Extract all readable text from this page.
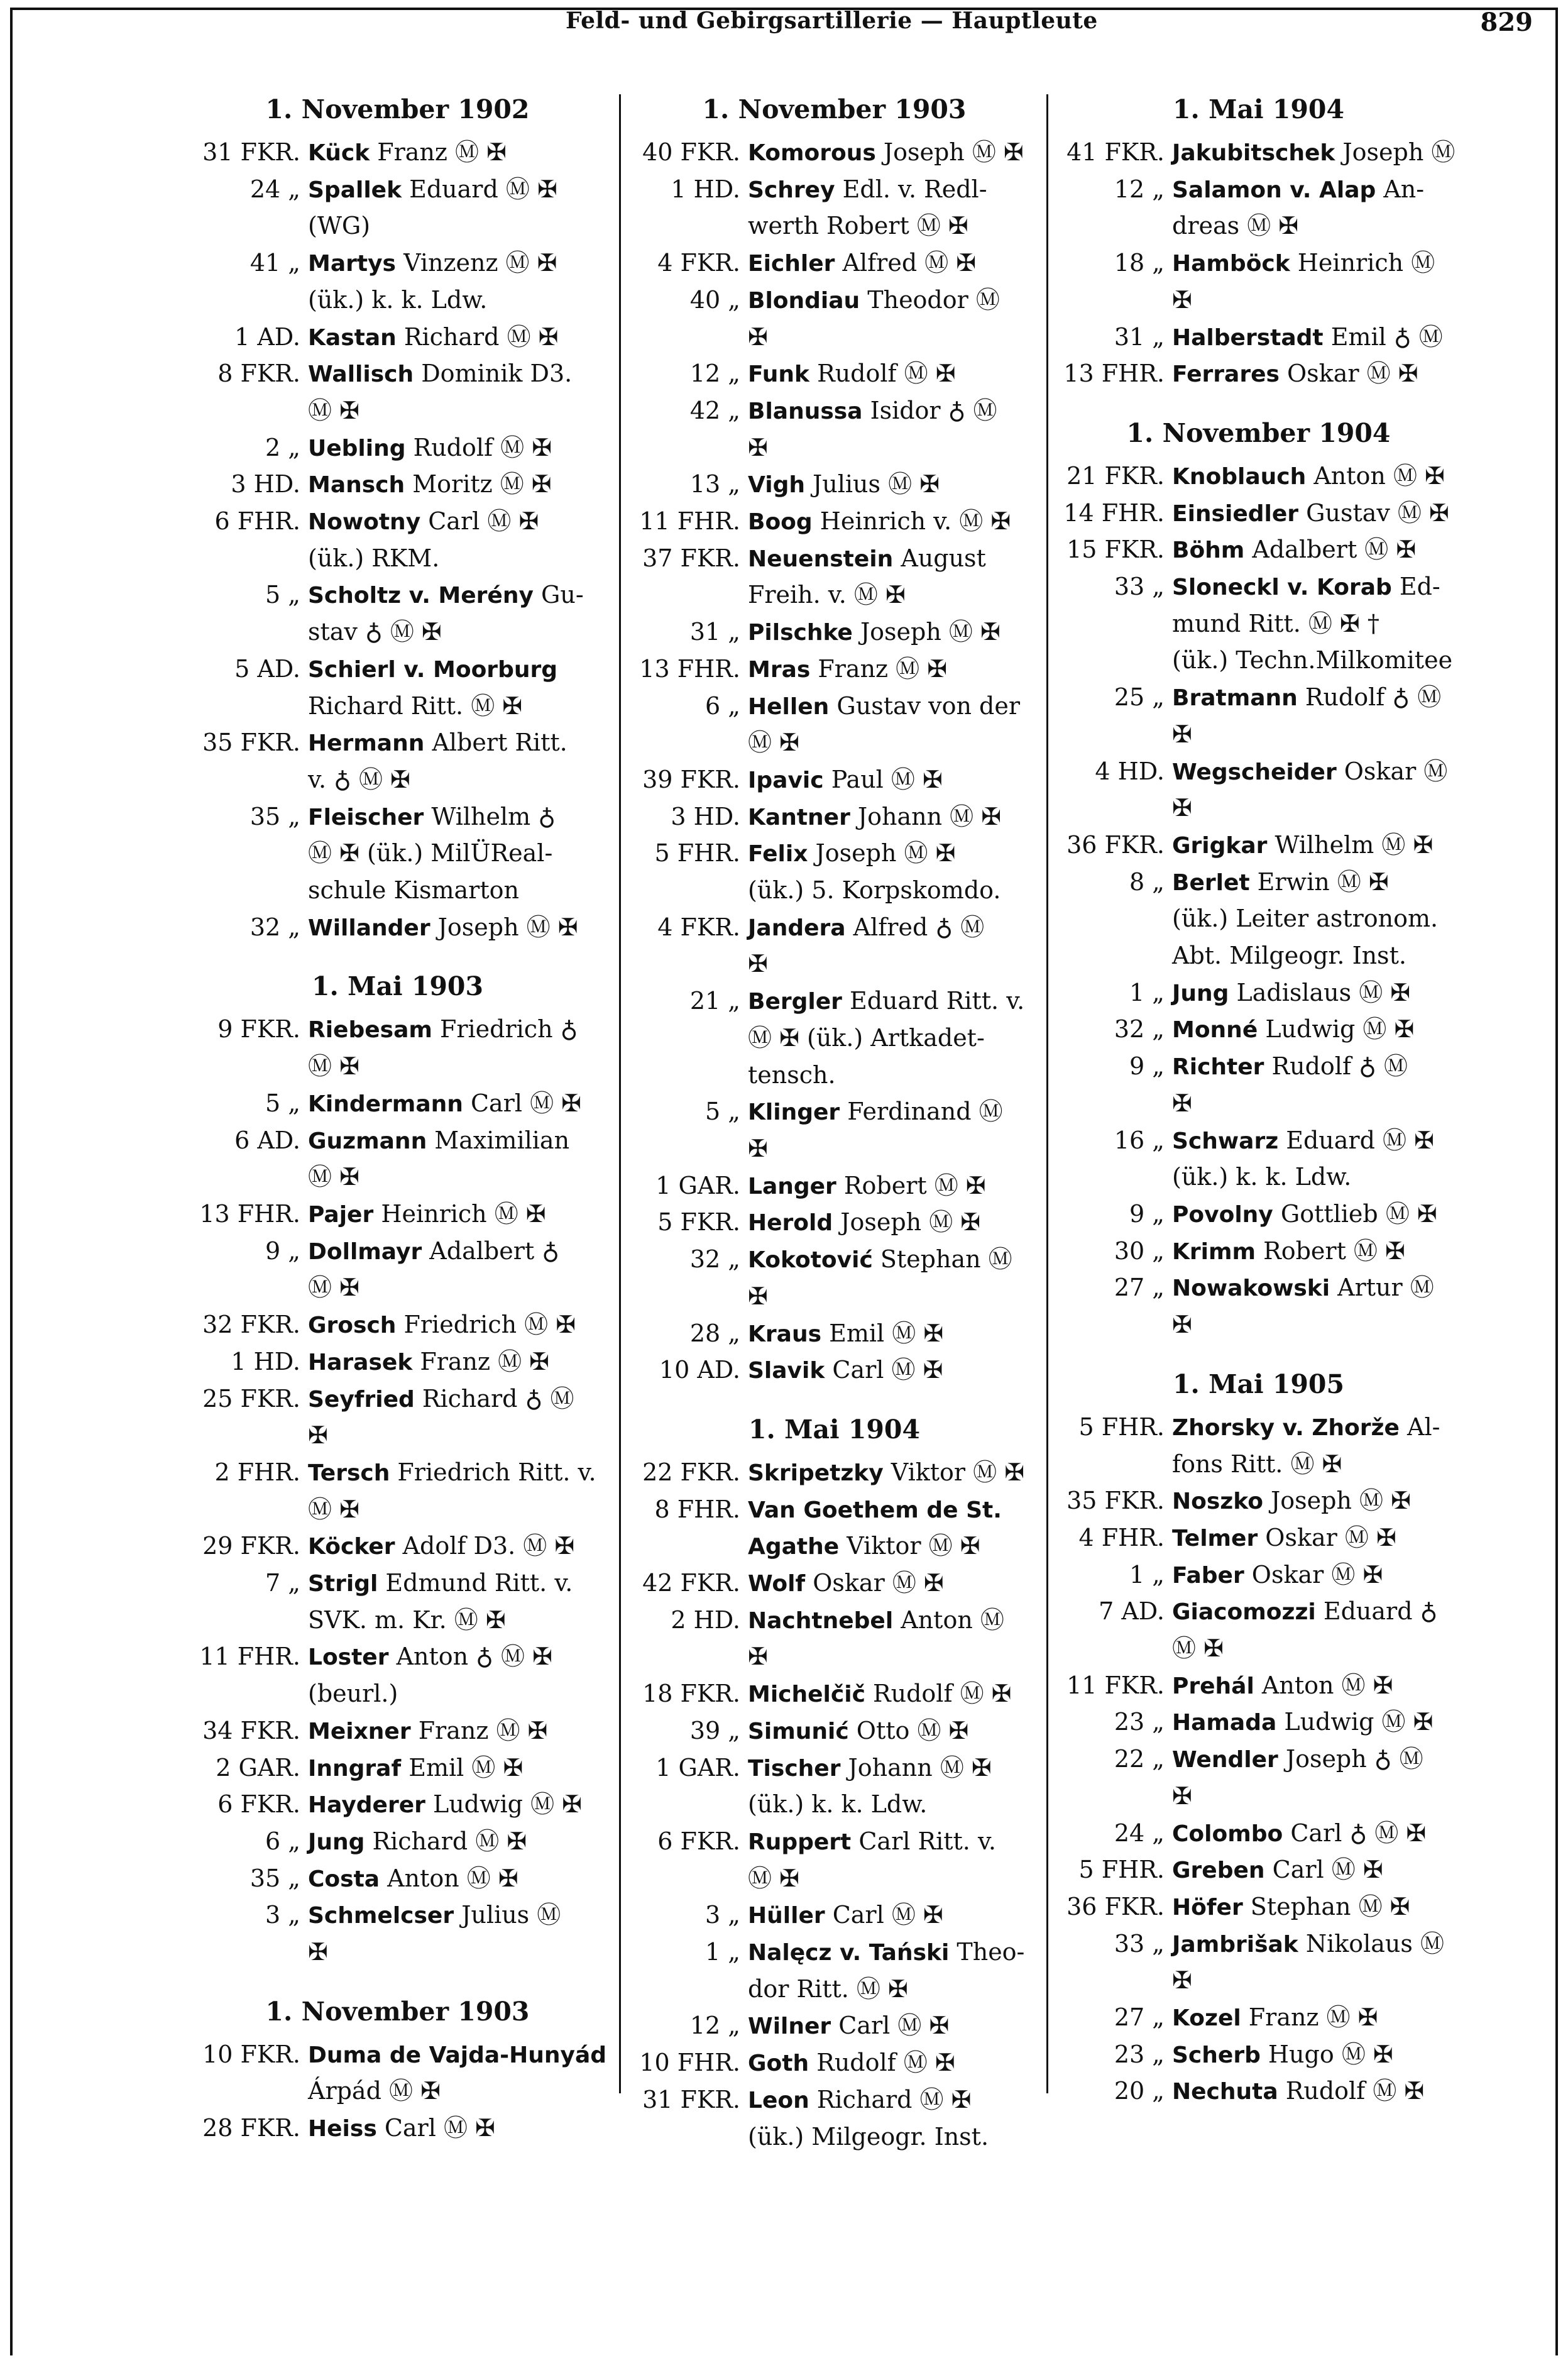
Feld- und Gebirgsartillerie — Hauptleute	829
1. November 1902
31 FKR. Kück Franz Ⓜ ✠
24 „ Spallek Eduard Ⓜ ✠
(WG)
41 „ Martys Vinzenz Ⓜ ✠
(ük.) k. k. Ldw.
1 AD. Kastan Richard Ⓜ ✠
8 FKR. Wallisch Dominik D3.
Ⓜ ✠
2 „ Uebling Rudolf Ⓜ ✠
3 HD. Mansch Moritz Ⓜ ✠
6 FHR. Nowotny Carl Ⓜ ✠
(ük.) RKM.
5 „ Scholtz v. Merény Gu-
stav ♁ Ⓜ ✠
5 AD. Schierl v. Moorburg
Richard Ritt. Ⓜ ✠
35 FKR. Hermann Albert Ritt.
v. ♁ Ⓜ ✠
35 „ Fleischer Wilhelm ♁
Ⓜ ✠ (ük.) MilÜReal-
schule Kismarton
32 „ Willander Joseph Ⓜ ✠
1. Mai 1903
9 FKR. Riebesam Friedrich ♁
Ⓜ ✠
5 „ Kindermann Carl Ⓜ ✠
6 AD. Guzmann Maximilian
Ⓜ ✠
13 FHR. Pajer Heinrich Ⓜ ✠
9 „ Dollmayr Adalbert ♁
Ⓜ ✠
32 FKR. Grosch Friedrich Ⓜ ✠
1 HD. Harasek Franz Ⓜ ✠
25 FKR. Seyfried Richard ♁ Ⓜ
✠
2 FHR. Tersch Friedrich Ritt. v.
Ⓜ ✠
29 FKR. Köcker Adolf D3. Ⓜ ✠
7 „ Strigl Edmund Ritt. v.
SVK. m. Kr. Ⓜ ✠
11 FHR. Loster Anton ♁ Ⓜ ✠
(beurl.)
34 FKR. Meixner Franz Ⓜ ✠
2 GAR. Inngraf Emil Ⓜ ✠
6 FKR. Hayderer Ludwig Ⓜ ✠
6 „ Jung Richard Ⓜ ✠
35 „ Costa Anton Ⓜ ✠
3 „ Schmelcser Julius Ⓜ
✠
1. November 1903
10 FKR. Duma de Vajda-Hunyád
Árpád Ⓜ ✠
28 FKR. Heiss Carl Ⓜ ✠
1. November 1903
40 FKR. Komorous Joseph Ⓜ ✠
1 HD. Schrey Edl. v. Redl-
werth Robert Ⓜ ✠
4 FKR. Eichler Alfred Ⓜ ✠
40 „ Blondiau Theodor Ⓜ
✠
12 „ Funk Rudolf Ⓜ ✠
42 „ Blanussa Isidor ♁ Ⓜ
✠
13 „ Vigh Julius Ⓜ ✠
11 FHR. Boog Heinrich v. Ⓜ ✠
37 FKR. Neuenstein August
Freih. v. Ⓜ ✠
31 „ Pilschke Joseph Ⓜ ✠
13 FHR. Mras Franz Ⓜ ✠
6 „ Hellen Gustav von der
Ⓜ ✠
39 FKR. Ipavic Paul Ⓜ ✠
3 HD. Kantner Johann Ⓜ ✠
5 FHR. Felix Joseph Ⓜ ✠
(ük.) 5. Korpskomdo.
4 FKR. Jandera Alfred ♁ Ⓜ
✠
21 „ Bergler Eduard Ritt. v.
Ⓜ ✠ (ük.) Artkadet-
tensch.
5 „ Klinger Ferdinand Ⓜ
✠
1 GAR. Langer Robert Ⓜ ✠
5 FKR. Herold Joseph Ⓜ ✠
32 „ Kokotović Stephan Ⓜ
✠
28 „ Kraus Emil Ⓜ ✠
10 AD. Slavik Carl Ⓜ ✠
1. Mai 1904
22 FKR. Skripetzky Viktor Ⓜ ✠
8 FHR. Van Goethem de St.
Agathe Viktor Ⓜ ✠
42 FKR. Wolf Oskar Ⓜ ✠
2 HD. Nachtnebel Anton Ⓜ
✠
18 FKR. Michelčič Rudolf Ⓜ ✠
39 „ Simunić Otto Ⓜ ✠
1 GAR. Tischer Johann Ⓜ ✠
(ük.) k. k. Ldw.
6 FKR. Ruppert Carl Ritt. v.
Ⓜ ✠
3 „ Hüller Carl Ⓜ ✠
1 „ Nalęcz v. Tański Theo-
dor Ritt. Ⓜ ✠
12 „ Wilner Carl Ⓜ ✠
10 FHR. Goth Rudolf Ⓜ ✠
31 FKR. Leon Richard Ⓜ ✠
(ük.) Milgeogr. Inst.
1. Mai 1904
41 FKR. Jakubitschek Joseph Ⓜ
12 „ Salamon v. Alap An-
dreas Ⓜ ✠
18 „ Hamböck Heinrich Ⓜ
✠
31 „ Halberstadt Emil ♁ Ⓜ
13 FHR. Ferrares Oskar Ⓜ ✠
1. November 1904
21 FKR. Knoblauch Anton Ⓜ ✠
14 FHR. Einsiedler Gustav Ⓜ ✠
15 FKR. Böhm Adalbert Ⓜ ✠
33 „ Sloneckl v. Korab Ed-
mund Ritt. Ⓜ ✠ †
(ük.) Techn.Milkomitee
25 „ Bratmann Rudolf ♁ Ⓜ
✠
4 HD. Wegscheider Oskar Ⓜ
✠
36 FKR. Grigkar Wilhelm Ⓜ ✠
8 „ Berlet Erwin Ⓜ ✠
(ük.) Leiter astronom.
Abt. Milgeogr. Inst.
1 „ Jung Ladislaus Ⓜ ✠
32 „ Monné Ludwig Ⓜ ✠
9 „ Richter Rudolf ♁ Ⓜ
✠
16 „ Schwarz Eduard Ⓜ ✠
(ük.) k. k. Ldw.
9 „ Povolny Gottlieb Ⓜ ✠
30 „ Krimm Robert Ⓜ ✠
27 „ Nowakowski Artur Ⓜ
✠
1. Mai 1905
5 FHR. Zhorsky v. Zhorže Al-
fons Ritt. Ⓜ ✠
35 FKR. Noszko Joseph Ⓜ ✠
4 FHR. Telmer Oskar Ⓜ ✠
1 „ Faber Oskar Ⓜ ✠
7 AD. Giacomozzi Eduard ♁
Ⓜ ✠
11 FKR. Prehál Anton Ⓜ ✠
23 „ Hamada Ludwig Ⓜ ✠
22 „ Wendler Joseph ♁ Ⓜ
✠
24 „ Colombo Carl ♁ Ⓜ ✠
5 FHR. Greben Carl Ⓜ ✠
36 FKR. Höfer Stephan Ⓜ ✠
33 „ Jambrišak Nikolaus Ⓜ
✠
27 „ Kozel Franz Ⓜ ✠
23 „ Scherb Hugo Ⓜ ✠
20 „ Nechuta Rudolf Ⓜ ✠
